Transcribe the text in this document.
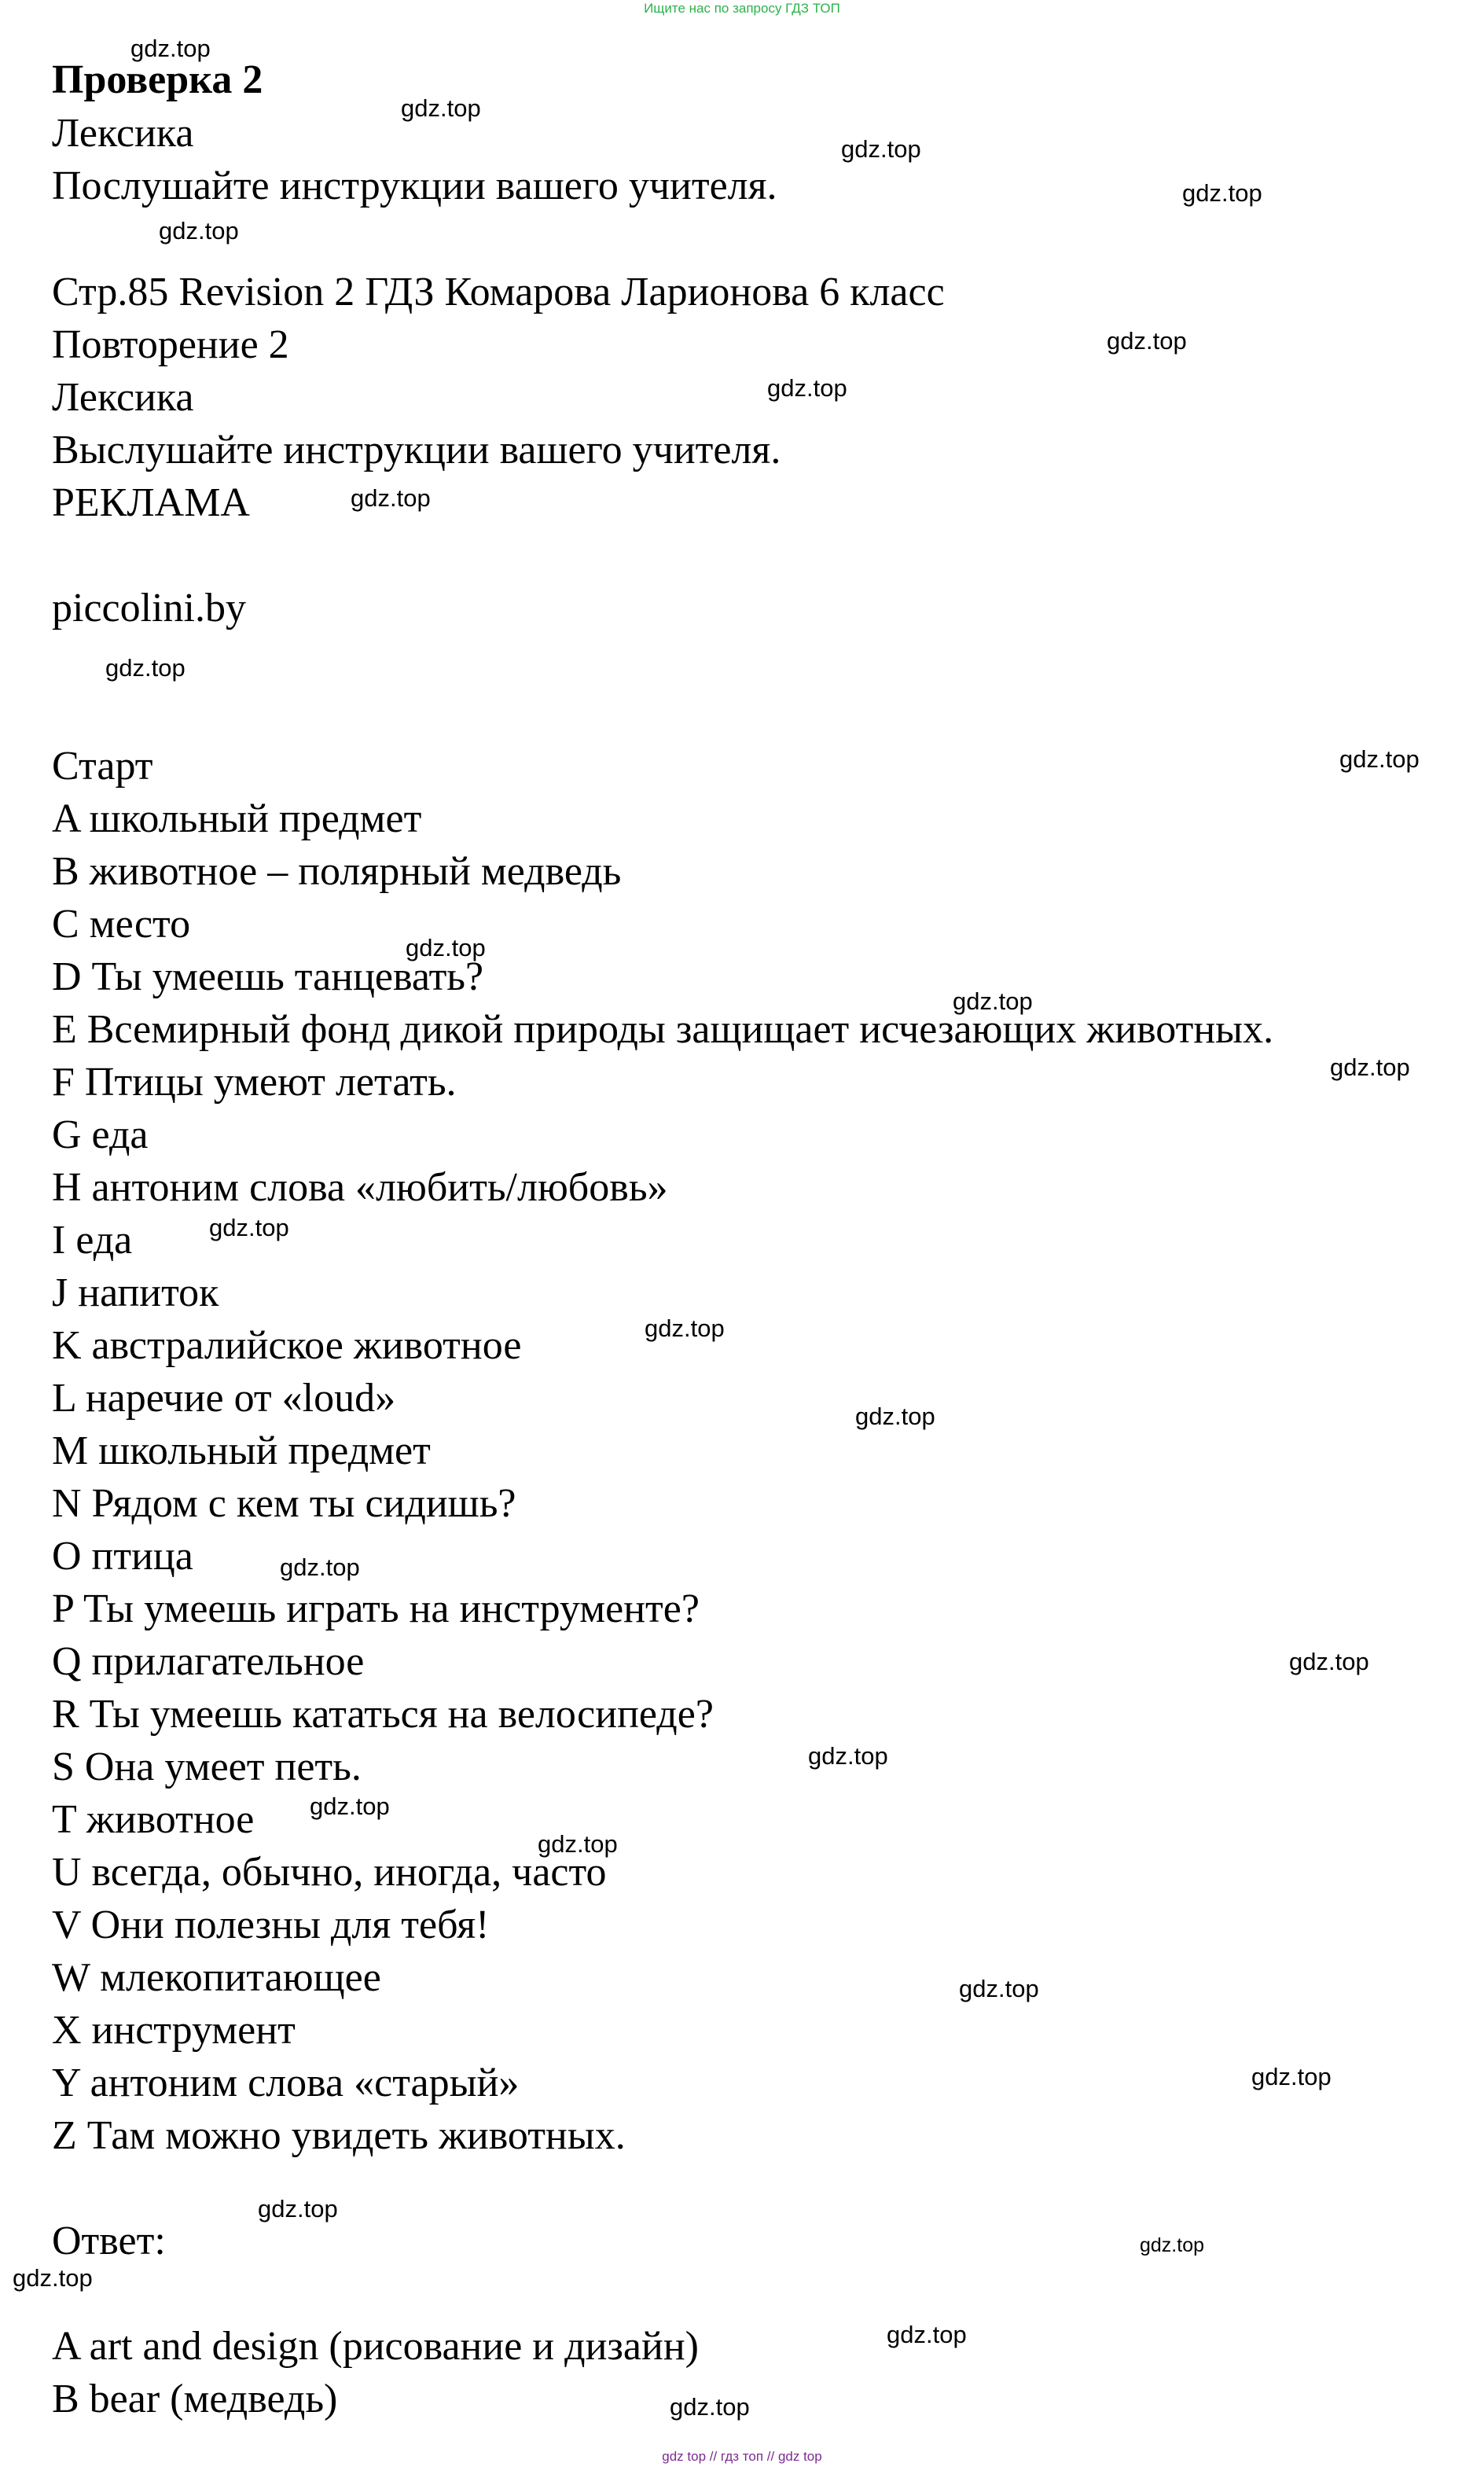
Ищите нас по запросу ГДЗ ТОП
Проверка 2
Лексика
Послушайте инструкции вашего учителя.
Стр.85 Revision 2 ГДЗ Комарова Ларионова 6 класс
Повторение 2
Лексика
Выслушайте инструкции вашего учителя.
РЕКЛАМА
piccolini.by
Старт
A школьный предмет
B животное – полярный медведь
C место
D Ты умеешь танцевать?
E Всемирный фонд дикой природы защищает исчезающих животных.
F Птицы умеют летать.
G еда
H антоним слова «любить/любовь»
I еда
J напиток
K австралийское животное
L наречие от «loud»
M школьный предмет
N Рядом с кем ты сидишь?
O птица
P Ты умеешь играть на инструменте?
Q прилагательное
R Ты умеешь кататься на велосипеде?
S Она умеет петь.
T животное
U всегда, обычно, иногда, часто
V Они полезны для тебя!
W млекопитающее
X инструмент
Y антоним слова «старый»
Z Там можно увидеть животных.
Ответ:
A art and design (рисование и дизайн)
B bear (медведь)
gdz.top
gdz.top
gdz.top
gdz.top
gdz.top
gdz.top
gdz.top
gdz.top
gdz.top
gdz.top
gdz.top
gdz.top
gdz.top
gdz.top
gdz.top
gdz.top
gdz.top
gdz.top
gdz.top
gdz.top
gdz.top
gdz.top
gdz.top
gdz.top
gdz.top
gdz.top
gdz.top
gdz.top
gdz top // гдз топ // gdz top
